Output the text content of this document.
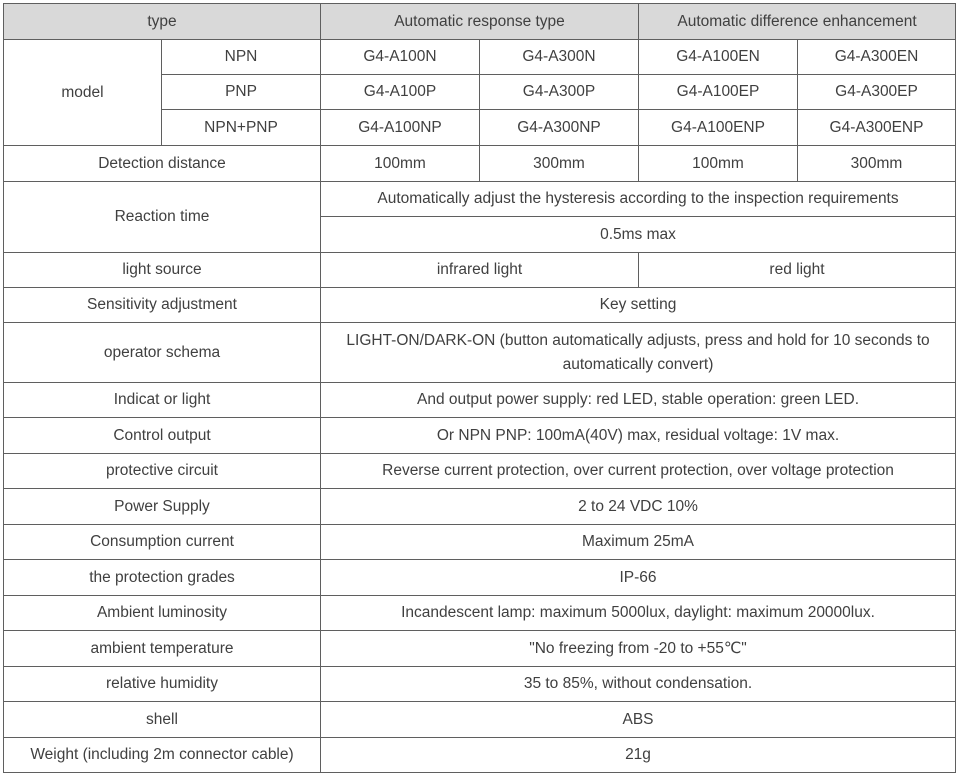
type		Automatic response type		Automatic difference enhancement	
model	NPN	G4-A100N	G4-A300N	G4-A100EN	G4-A300EN
	PNP	G4-A100P	G4-A300P	G4-A100EP	G4-A300EP
	NPN+PNP	G4-A100NP	G4-A300NP	G4-A100ENP	G4-A300ENP
Detection distance		100mm	300mm	100mm	300mm
Reaction time		Automatically adjust the hysteresis according to the inspection requirements			
		0.5ms max			
light source		infrared light		red light	
Sensitivity adjustment		Key setting			
operator schema		LIGHT-ON/DARK-ON (button automatically adjusts, press and hold for 10 seconds to automatically convert)			
Indicat or light		And output power supply: red LED, stable operation: green LED.			
Control output		Or NPN PNP: 100mA(40V) max, residual voltage: 1V max.			
protective circuit		Reverse current protection, over current protection, over voltage protection			
Power Supply		2 to 24 VDC 10%			
Consumption current		Maximum 25mA			
the protection grades		IP-66			
Ambient luminosity		Incandescent lamp: maximum 5000lux, daylight: maximum 20000lux.			
ambient temperature		"No freezing from -20 to +55℃"			
relative humidity		35 to 85%, without condensation.			
shell		ABS			
Weight (including 2m connector cable)		21g			
